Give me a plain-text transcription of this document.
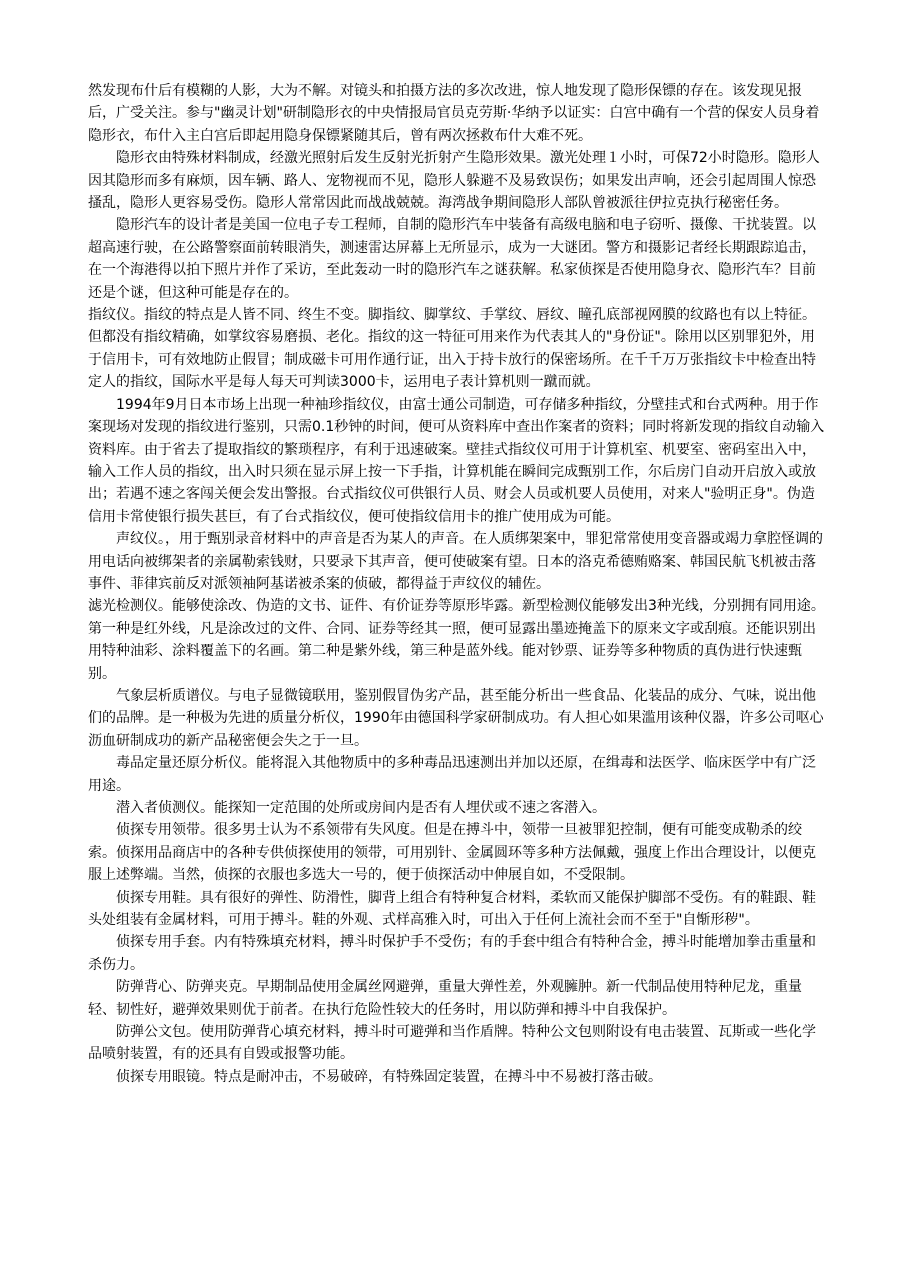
然发现布什后有模糊的人影，大为不解。对镜头和拍摄方法的多次改进，惊人地发现了隐形保镖的存在。该发现见报后，广受关注。参与"幽灵计划"研制隐形衣的中央情报局官员克劳斯·华纳予以证实：白宫中确有一个营的保安人员身着隐形衣，布什入主白宫后即起用隐身保镖紧随其后，曾有两次拯救布什大难不死。

隐形衣由特殊材料制成，经激光照射后发生反射光折射产生隐形效果。激光处理１小时，可保72小时隐形。隐形人因其隐形而多有麻烦，因车辆、路人、宠物视而不见，隐形人躲避不及易致误伤；如果发出声响，还会引起周围人惊恐搔乱，隐形人更容易受伤。隐形人常常因此而战战兢兢。海湾战争期间隐形人部队曾被派往伊拉克执行秘密任务。

隐形汽车的设计者是美国一位电子专工程师，自制的隐形汽车中装备有高级电脑和电子窃听、摄像、干扰装置。以超高速行驶，在公路警察面前转眼消失，测速雷达屏幕上无所显示，成为一大谜团。警方和摄影记者经长期跟踪追击，在一个海港得以拍下照片并作了采访，至此轰动一时的隐形汽车之谜获解。私家侦探是否使用隐身衣、隐形汽车？目前还是个谜，但这种可能是存在的。

指纹仪。指纹的特点是人皆不同、终生不变。脚指纹、脚掌纹、手掌纹、唇纹、瞳孔底部视网膜的纹路也有以上特征。但都没有指纹精确，如掌纹容易磨损、老化。指纹的这一特征可用来作为代表其人的"身份证"。除用以区别罪犯外，用于信用卡，可有效地防止假冒；制成磁卡可用作通行证，出入于持卡放行的保密场所。在千千万万张指纹卡中检查出特定人的指纹，国际水平是每人每天可判读3000卡，运用电子表计算机则一蹴而就。

1994年9月日本市场上出现一种袖珍指纹仪，由富士通公司制造，可存储多种指纹，分壁挂式和台式两种。用于作案现场对发现的指纹进行鉴别，只需0.1秒钟的时间，便可从资料库中查出作案者的资料；同时将新发现的指纹自动输入资料库。由于省去了提取指纹的繁琐程序，有利于迅速破案。壁挂式指纹仪可用于计算机室、机要室、密码室出入中，输入工作人员的指纹，出入时只须在显示屏上按一下手指，计算机能在瞬间完成甄别工作，尔后房门自动开启放入或放出；若遇不速之客闯关便会发出警报。台式指纹仪可供银行人员、财会人员或机要人员使用，对来人"验明正身"。伪造信用卡常使银行损失甚巨，有了台式指纹仪，便可使指纹信用卡的推广使用成为可能。

声纹仪。，用于甄别录音材料中的声音是否为某人的声音。在人质绑架案中，罪犯常常使用变音器或竭力拿腔怪调的用电话向被绑架者的亲属勒索钱财，只要录下其声音，便可使破案有望。日本的洛克希德贿赂案、韩国民航飞机被击落事件、菲律宾前反对派领袖阿基诺被杀案的侦破，都得益于声纹仪的辅佐。

滤光检测仪。能够使涂改、伪造的文书、证件、有价证券等原形毕露。新型检测仪能够发出3种光线，分别拥有同用途。第一种是红外线，凡是涂改过的文件、合同、证券等经其一照，便可显露出墨迹掩盖下的原来文字或刮痕。还能识别出用特种油彩、涂料覆盖下的名画。第二种是紫外线，第三种是蓝外线。能对钞票、证券等多种物质的真伪进行快速甄别。

气象层析质谱仪。与电子显微镜联用，鉴别假冒伪劣产品，甚至能分析出一些食品、化装品的成分、气味，说出他们的品牌。是一种极为先进的质量分析仪，1990年由德国科学家研制成功。有人担心如果滥用该种仪器，许多公司呕心沥血研制成功的新产品秘密便会失之于一旦。

毒品定量还原分析仪。能将混入其他物质中的多种毒品迅速测出并加以还原，在缉毒和法医学、临床医学中有广泛用途。

潜入者侦测仪。能探知一定范围的处所或房间内是否有人埋伏或不速之客潜入。

侦探专用领带。很多男士认为不系领带有失风度。但是在搏斗中，领带一旦被罪犯控制，便有可能变成勒杀的绞索。侦探用品商店中的各种专供侦探使用的领带，可用别针、金属圆环等多种方法佩戴，强度上作出合理设计，以便克服上述弊端。当然，侦探的衣服也多选大一号的，便于侦探活动中伸展自如，不受限制。

侦探专用鞋。具有很好的弹性、防滑性，脚背上组合有特种复合材料，柔软而又能保护脚部不受伤。有的鞋跟、鞋头处组装有金属材料，可用于搏斗。鞋的外观、式样高雅入时，可出入于任何上流社会而不至于"自惭形秽"。

侦探专用手套。内有特殊填充材料，搏斗时保护手不受伤；有的手套中组合有特种合金，搏斗时能增加拳击重量和杀伤力。

防弹背心、防弹夹克。早期制品使用金属丝网避弹，重量大弹性差，外观臃肿。新一代制品使用特种尼龙，重量轻、韧性好，避弹效果则优于前者。在执行危险性较大的任务时，用以防弹和搏斗中自我保护。

防弹公文包。使用防弹背心填充材料，搏斗时可避弹和当作盾牌。特种公文包则附设有电击装置、瓦斯或一些化学品喷射装置，有的还具有自毁或报警功能。

侦探专用眼镜。特点是耐冲击，不易破碎，有特殊固定装置，在搏斗中不易被打落击破。
